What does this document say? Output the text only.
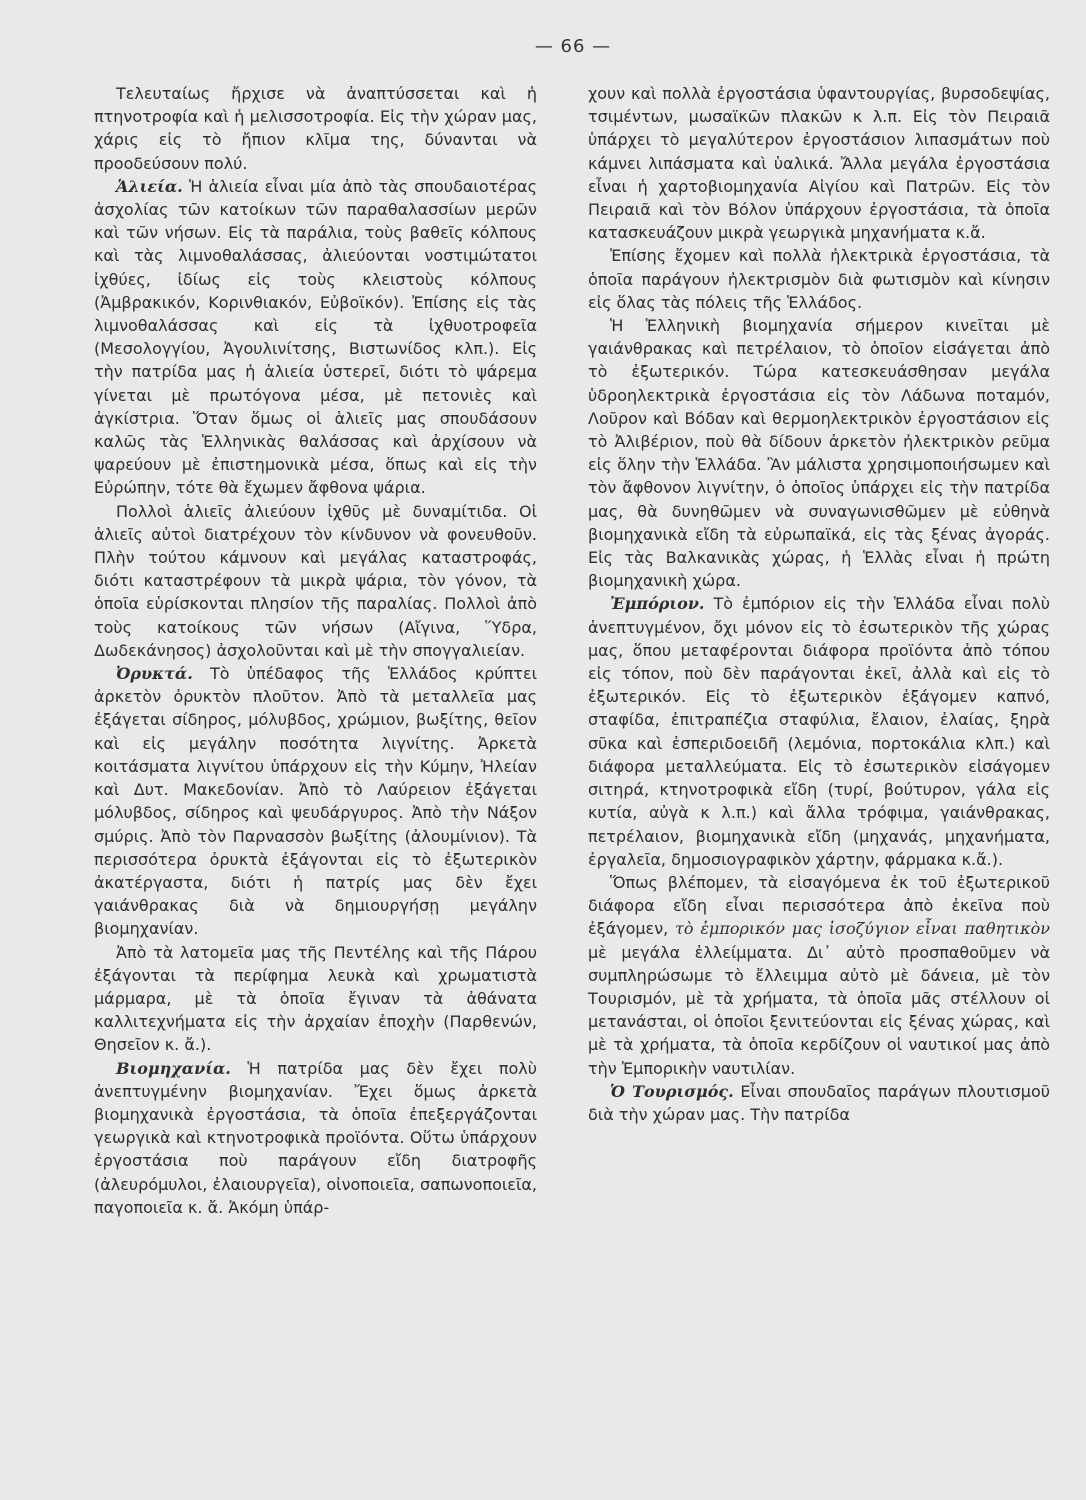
— 66 —

Τελευταίως ἤρχισε νὰ ἀναπτύσσεται καὶ ἡ πτηνοτροφία καὶ ἡ μελισσοτροφία. Εἰς τὴν χώραν μας, χάρις εἰς τὸ ἤπιον κλῖμα της, δύνανται νὰ προοδεύσουν πολύ.

Ἁλιεία. Ἡ ἁλιεία εἶναι μία ἀπὸ τὰς σπουδαιοτέρας ἀσχολίας τῶν κατοίκων τῶν παραθαλασσίων μερῶν καὶ τῶν νήσων. Εἰς τὰ παράλια, τοὺς βαθεῖς κόλπους καὶ τὰς λιμνοθαλάσσας, ἀλιεύονται νοστιμώτατοι ἰχθύες, ἰδίως εἰς τοὺς κλειστοὺς κόλπους (Ἀμβρακικόν, Κορινθιακόν, Εὐβοϊκόν). Ἐπίσης εἰς τὰς λιμνοθαλάσσας καὶ εἰς τὰ ἰχθυοτροφεῖα (Μεσολογγίου, Ἀγουλινίτσης, Βιστωνίδος κλπ.). Εἰς τὴν πατρίδα μας ἡ ἁλιεία ὑστερεῖ, διότι τὸ ψάρεμα γίνεται μὲ πρωτόγονα μέσα, μὲ πετονιὲς καὶ ἀγκίστρια. Ὅταν ὅμως οἱ ἁλιεῖς μας σπουδάσουν καλῶς τὰς Ἑλληνικὰς θαλάσσας καὶ ἀρχίσουν νὰ ψαρεύουν μὲ ἐπιστημονικὰ μέσα, ὅπως καὶ εἰς τὴν Εὐρώπην, τότε θὰ ἔχωμεν ἄφθονα ψάρια.

Πολλοὶ ἁλιεῖς ἀλιεύουν ἰχθῦς μὲ δυναμίτιδα. Οἱ ἁλιεῖς αὐτοὶ διατρέχουν τὸν κίνδυνον νὰ φονευθοῦν. Πλὴν τούτου κάμνουν καὶ μεγάλας καταστροφάς, διότι καταστρέφουν τὰ μικρὰ ψάρια, τὸν γόνον, τὰ ὁποῖα εὑρίσκονται πλησίον τῆς παραλίας. Πολλοὶ ἀπὸ τοὺς κατοίκους τῶν νήσων (Αἴγινα, Ὕδρα, Δωδεκάνησος) ἀσχολοῦνται καὶ μὲ τὴν σπογγαλιείαν.

Ὀρυκτά. Τὸ ὑπέδαφος τῆς Ἑλλάδος κρύπτει ἀρκετὸν ὀρυκτὸν πλοῦτον. Ἀπὸ τὰ μεταλλεῖα μας ἐξάγεται σίδηρος, μόλυβδος, χρώμιον, βωξίτης, θεῖον καὶ εἰς μεγάλην ποσότητα λιγνίτης. Ἀρκετὰ κοιτάσματα λιγνίτου ὑπάρχουν εἰς τὴν Κύμην, Ἠλείαν καὶ Δυτ. Μακεδονίαν. Ἀπὸ τὸ Λαύρειον ἐξάγεται μόλυβδος, σίδηρος καὶ ψευδάργυρος. Ἀπὸ τὴν Νάξον σμύρις. Ἀπὸ τὸν Παρνασσὸν βωξίτης (ἀλουμίνιον). Τὰ περισσότερα ὀρυκτὰ ἐξάγονται εἰς τὸ ἐξωτερικὸν ἀκατέργαστα, διότι ἡ πατρίς μας δὲν ἔχει γαιάνθρακας διὰ νὰ δημιουργήσῃ μεγάλην βιομηχανίαν.

Ἀπὸ τὰ λατομεῖα μας τῆς Πεντέλης καὶ τῆς Πάρου ἐξάγονται τὰ περίφημα λευκὰ καὶ χρωματιστὰ μάρμαρα, μὲ τὰ ὁποῖα ἔγιναν τὰ ἀθάνατα καλλιτεχνήματα εἰς τὴν ἀρχαίαν ἐποχὴν (Παρθενών, Θησεῖον κ. ἄ.).

Βιομηχανία. Ἡ πατρίδα μας δὲν ἔχει πολὺ ἀνεπτυγμένην βιομηχανίαν. Ἔχει ὅμως ἀρκετὰ βιομηχανικὰ ἐργοστάσια, τὰ ὁποῖα ἐπεξεργάζονται γεωργικὰ καὶ κτηνοτροφικὰ προϊόντα. Οὕτω ὑπάρχουν ἐργοστάσια ποὺ παράγουν εἴδη διατροφῆς (ἀλευρόμυλοι, ἐλαιουργεῖα), οἰνοποιεῖα, σαπωνοποιεῖα, παγοποιεῖα κ. ἄ. Ἀκόμη ὑπάρ-

χουν καὶ πολλὰ ἐργοστάσια ὑφαντουργίας, βυρσοδεψίας, τσιμέντων, μωσαϊκῶν πλακῶν κ λ.π. Εἰς τὸν Πειραιᾶ ὑπάρχει τὸ μεγαλύτερον ἐργοστάσιον λιπασμάτων ποὺ κάμνει λιπάσματα καὶ ὑαλικά. Ἄλλα μεγάλα ἐργοστάσια εἶναι ἡ χαρτοβιομηχανία Αἰγίου καὶ Πατρῶν. Εἰς τὸν Πειραιᾶ καὶ τὸν Βόλον ὑπάρχουν ἐργοστάσια, τὰ ὁποῖα κατασκευάζουν μικρὰ γεωργικὰ μηχανήματα κ.ἄ.

Ἐπίσης ἔχομεν καὶ πολλὰ ἠλεκτρικὰ ἐργοστάσια, τὰ ὁποῖα παράγουν ἠλεκτρισμὸν διὰ φωτισμὸν καὶ κίνησιν εἰς ὅλας τὰς πόλεις τῆς Ἑλλάδος.

Ἡ Ἑλληνικὴ βιομηχανία σήμερον κινεῖται μὲ γαιάνθρακας καὶ πετρέλαιον, τὸ ὁποῖον εἰσάγεται ἀπὸ τὸ ἐξωτερικόν. Τώρα κατεσκευάσθησαν μεγάλα ὑδροηλεκτρικὰ ἐργοστάσια εἰς τὸν Λάδωνα ποταμόν, Λοῦρον καὶ Βόδαν καὶ θερμοηλεκτρικὸν ἐργοστάσιον εἰς τὸ Ἀλιβέριον, ποὺ θὰ δίδουν ἀρκετὸν ἠλεκτρικὸν ρεῦμα εἰς ὅλην τὴν Ἑλλάδα. Ἂν μάλιστα χρησιμοποιήσωμεν καὶ τὸν ἄφθονον λιγνίτην, ὁ ὁποῖος ὑπάρχει εἰς τὴν πατρίδα μας, θὰ δυνηθῶμεν νὰ συναγωνισθῶμεν μὲ εὐθηνὰ βιομηχανικὰ εἴδη τὰ εὐρωπαϊκά, εἰς τὰς ξένας ἀγοράς. Εἰς τὰς Βαλκανικὰς χώρας, ἡ Ἑλλὰς εἶναι ἡ πρώτη βιομηχανικὴ χώρα.

Ἐμπόριον. Τὸ ἐμπόριον εἰς τὴν Ἑλλάδα εἶναι πολὺ ἀνεπτυγμένον, ὄχι μόνον εἰς τὸ ἐσωτερικὸν τῆς χώρας μας, ὅπου μεταφέρονται διάφορα προϊόντα ἀπὸ τόπου εἰς τόπον, ποὺ δὲν παράγονται ἐκεῖ, ἀλλὰ καὶ εἰς τὸ ἐξωτερικόν. Εἰς τὸ ἐξωτερικὸν ἐξάγομεν καπνό, σταφίδα, ἐπιτραπέζια σταφύλια, ἔλαιον, ἐλαίας, ξηρὰ σῦκα καὶ ἐσπεριδοειδῆ (λεμόνια, πορτοκάλια κλπ.) καὶ διάφορα μεταλλεύματα. Εἰς τὸ ἐσωτερικὸν εἰσάγομεν σιτηρά, κτηνοτροφικὰ εἴδη (τυρί, βούτυρον, γάλα εἰς κυτία, αὐγὰ κ λ.π.) καὶ ἄλλα τρόφιμα, γαιάνθρακας, πετρέλαιον, βιομηχανικὰ εἴδη (μηχανάς, μηχανήματα, ἐργαλεῖα, δημοσιογραφικὸν χάρτην, φάρμακα κ.ἄ.).

Ὅπως βλέπομεν, τὰ εἰσαγόμενα ἐκ τοῦ ἐξωτερικοῦ διάφορα εἴδη εἶναι περισσότερα ἀπὸ ἐκεῖνα ποὺ ἐξάγομεν, τὸ ἐμπορικόν μας ἰσοζύγιον εἶναι παθητικὸν μὲ μεγάλα ἐλλείμματα. Δι᾿ αὐτὸ προσπαθοῦμεν νὰ συμπληρώσωμε τὸ ἔλλειμμα αὐτὸ μὲ δάνεια, μὲ τὸν Τουρισμόν, μὲ τὰ χρήματα, τὰ ὁποῖα μᾶς στέλλουν οἱ μετανάσται, οἱ ὁποῖοι ξενιτεύονται εἰς ξένας χώρας, καὶ μὲ τὰ χρήματα, τὰ ὁποῖα κερδίζουν οἱ ναυτικοί μας ἀπὸ τὴν Ἐμπορικὴν ναυτιλίαν.

Ὁ Τουρισμός. Εἶναι σπουδαῖος παράγων πλουτισμοῦ διὰ τὴν χώραν μας. Τὴν πατρίδα
